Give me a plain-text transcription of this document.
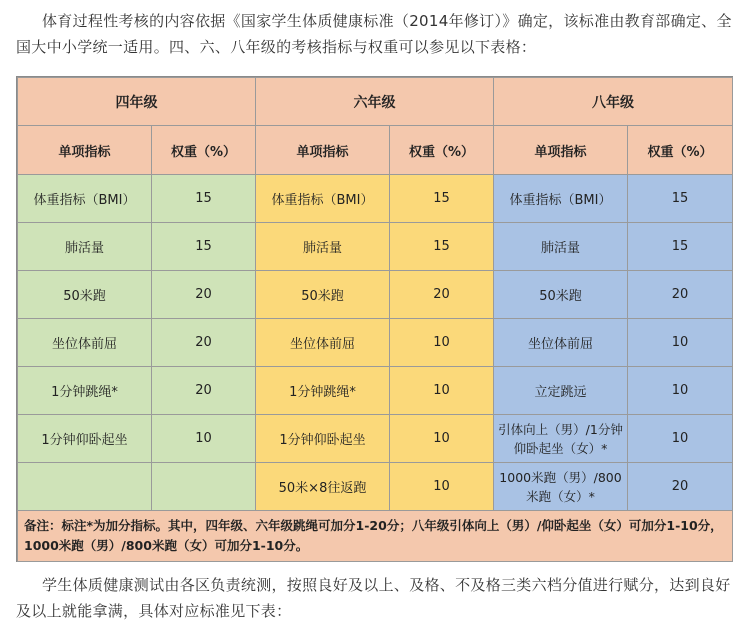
体育过程性考核的内容依据《国家学生体质健康标准（2014年修订）》确定，该标准由教育部确定、全国大中小学统一适用。四、六、八年级的考核指标与权重可以参见以下表格：

四年级		六年级		八年级	
单项指标	权重（%）	单项指标	权重（%）	单项指标	权重（%）
体重指标（BMI）	15	体重指标（BMI）	15	体重指标（BMI）	15
肺活量	15	肺活量	15	肺活量	15
50米跑	20	50米跑	20	50米跑	20
坐位体前屈	20	坐位体前屈	10	坐位体前屈	10
1分钟跳绳*	20	1分钟跳绳*	10	立定跳远	10
1分钟仰卧起坐	10	1分钟仰卧起坐	10	引体向上（男）/1分钟仰卧起坐（女）*	10
		50米×8往返跑	10	1000米跑（男）/800米跑（女）*	20
备注：标注*为加分指标。其中，四年级、六年级跳绳可加分1-20分；八年级引体向上（男）/仰卧起坐（女）可加分1-10分，1000米跑（男）/800米跑（女）可加分1-10分。					

学生体质健康测试由各区负责统测，按照良好及以上、及格、不及格三类六档分值进行赋分，达到良好及以上就能拿满，具体对应标准见下表：
